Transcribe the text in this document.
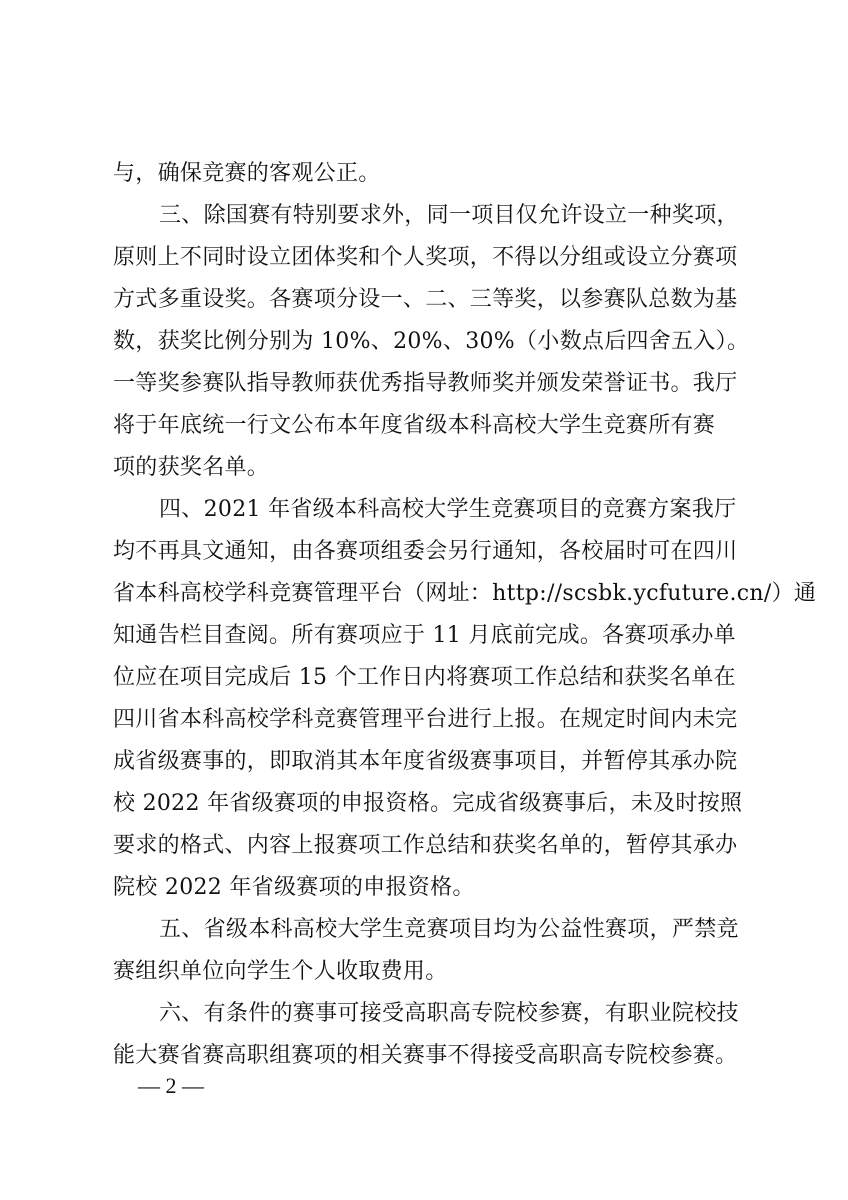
与，确保竞赛的客观公正。
三、除国赛有特别要求外，同一项目仅允许设立一种奖项，
原则上不同时设立团体奖和个人奖项，不得以分组或设立分赛项
方式多重设奖。各赛项分设一、二、三等奖，以参赛队总数为基
数，获奖比例分别为 10%、20%、30%（小数点后四舍五入）。
一等奖参赛队指导教师获优秀指导教师奖并颁发荣誉证书。我厅
将于年底统一行文公布本年度省级本科高校大学生竞赛所有赛
项的获奖名单。
四、2021 年省级本科高校大学生竞赛项目的竞赛方案我厅
均不再具文通知，由各赛项组委会另行通知，各校届时可在四川
省本科高校学科竞赛管理平台（网址：http://scsbk.ycfuture.cn/）通
知通告栏目查阅。所有赛项应于 11 月底前完成。各赛项承办单
位应在项目完成后 15 个工作日内将赛项工作总结和获奖名单在
四川省本科高校学科竞赛管理平台进行上报。在规定时间内未完
成省级赛事的，即取消其本年度省级赛事项目，并暂停其承办院
校 2022 年省级赛项的申报资格。完成省级赛事后，未及时按照
要求的格式、内容上报赛项工作总结和获奖名单的，暂停其承办
院校 2022 年省级赛项的申报资格。
五、省级本科高校大学生竞赛项目均为公益性赛项，严禁竞
赛组织单位向学生个人收取费用。
六、有条件的赛事可接受高职高专院校参赛，有职业院校技
能大赛省赛高职组赛项的相关赛事不得接受高职高专院校参赛。
— 2 —
